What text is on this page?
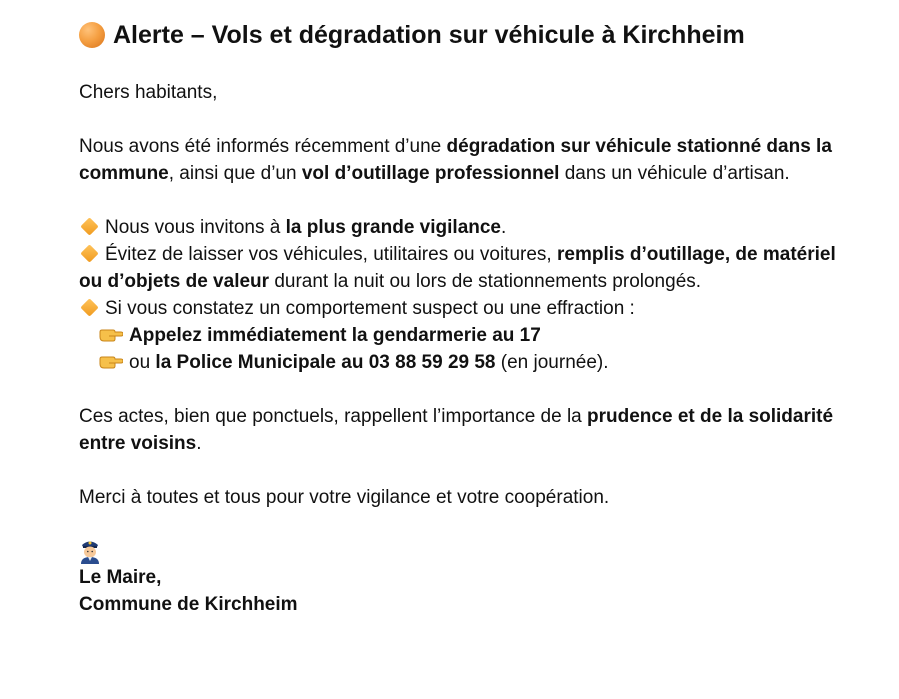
Alerte – Vols et dégradation sur véhicule à Kirchheim

Chers habitants,

Nous avons été informés récemment d’une dégradation sur véhicule stationné dans la commune, ainsi que d’un vol d’outillage professionnel dans un véhicule d’artisan.

Nous vous invitons à la plus grande vigilance.
Évitez de laisser vos véhicules, utilitaires ou voitures, remplis d’outillage, de matériel ou d’objets de valeur durant la nuit ou lors de stationnements prolongés.
Si vous constatez un comportement suspect ou une effraction :
Appelez immédiatement la gendarmerie au 17
ou la Police Municipale au 03 88 59 29 58 (en journée).

Ces actes, bien que ponctuels, rappellent l’importance de la prudence et de la solidarité entre voisins.

Merci à toutes et tous pour votre vigilance et votre coopération.

Le Maire,

Commune de Kirchheim
